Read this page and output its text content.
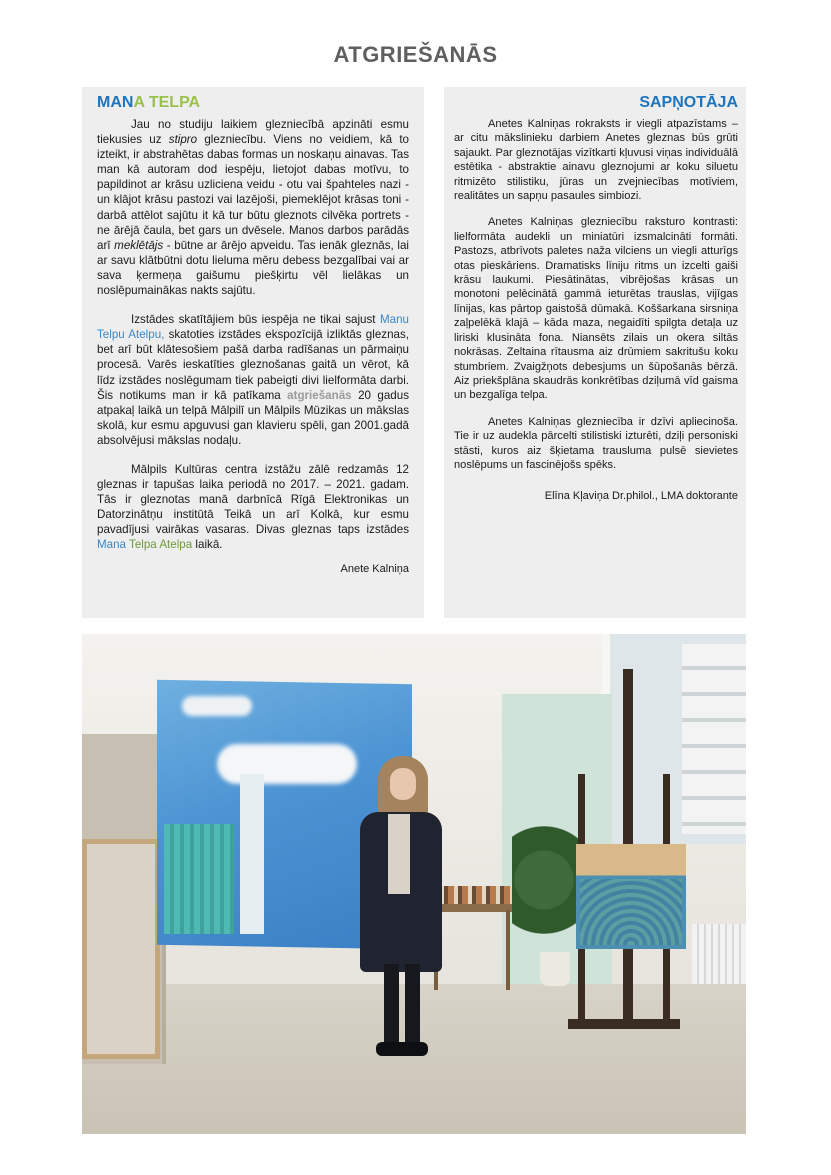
ATGRIEŠANĀS
MANA TELPA

Jau no studiju laikiem glezniecībā apzināti esmu tiekusies uz stipro glezniecību. Viens no veidiem, kā to izteikt, ir abstrahētas dabas formas un noskaņu ainavas. Tas man kā autoram dod iespēju, lietojot dabas motīvu, to papildinot ar krāsu uzliciena veidu - otu vai špahteles nazi - un klājot krāsu pastozi vai lazējoši, piemeklējot krāsas toni - darbā attēlot sajūtu it kā tur būtu gleznots cilvēka portrets - ne ārējā čaula, bet gars un dvēsele. Manos darbos parādās arī meklētājs - būtne ar ārējo apveidu. Tas ienāk gleznās, lai ar savu klātbūtni dotu lieluma mēru debess bezgalībai vai ar sava ķermeņa gaišumu piešķirtu vēl lielākas un noslēpumainākas nakts sajūtu.

Izstādes skatītājiem būs iespēja ne tikai sajust Manu Telpu Atelpu, skatoties izstādes ekspozīcijā izliktās gleznas, bet arī būt klātesošiem pašā darba radīšanas un pārmaiņu procesā. Varēs ieskatīties gleznošanas gaitā un vērot, kā līdz izstādes noslēgumam tiek pabeigti divi lielformāta darbi. Šis notikums man ir kā patīkama atgriešanās 20 gadus atpakaļ laikā un telpā Mālpilī un Mālpils Mūzikas un mākslas skolā, kur esmu apguvusi gan klavieru spēli, gan 2001.gadā absolvējusi mākslas nodaļu.

Mālpils Kultūras centra izstāžu zālē redzamās 12 gleznas ir tapušas laika periodā no 2017. – 2021. gadam. Tās ir gleznotas manā darbnīcā Rīgā Elektronikas un Datorzinātņu institūtā Teikā un arī Kolkā, kur esmu pavadījusi vairākas vasaras. Divas gleznas taps izstādes Mana Telpa Atelpa laikā.

Anete Kalniņa
SAPŅOTĀJA

Anetes Kalniņas rokraksts ir viegli atpazīstams – ar citu mākslinieku darbiem Anetes gleznas būs grūti sajaukt. Par gleznotājas vizītkarti kļuvusi viņas individuālā estētika - abstraktie ainavu gleznojumi ar koku siluetu ritmizēto stilistiku, jūras un zvejniecības motīviem, realitātes un sapņu pasaules simbiozi.

Anetes Kalniņas glezniecību raksturo kontrasti: lielformāta audekli un miniatūri izsmalcināti formāti. Pastozs, atbrīvots paletes naža vilciens un viegli atturīgs otas pieskāriens. Dramatisks līniju ritms un izcelti gaiši krāsu laukumi. Piesātinātas, vibrējošas krāsas un monotoni pelēcinātā gammā ieturētas trauslas, vijīgas līnijas, kas pārtop gaistošā dūmakā. Koššarkana sirsniņa zaļpelēkā klajā – kāda maza, negaidīti spilgta detaļa uz liriski klusināta fona. Niansēts zilais un okera siltās nokrāsas. Zeltaina rītausma aiz drūmiem sakritušu koku stumbriem. Zvaigžņots debesjums un šūpošanās bērzā. Aiz priekšplāna skaudrās konkrētības dziļumā vīd gaisma un bezgalīga telpa.

Anetes Kalniņas glezniecība ir dzīvi apliecinoša. Tie ir uz audekla pārcelti stilistiski izturēti, dziļi personiski stāsti, kuros aiz šķietama trausluma pulsē sievietes noslēpums un fascinējošs spēks.

Elīna Kļaviņa Dr.philol., LMA doktorante
